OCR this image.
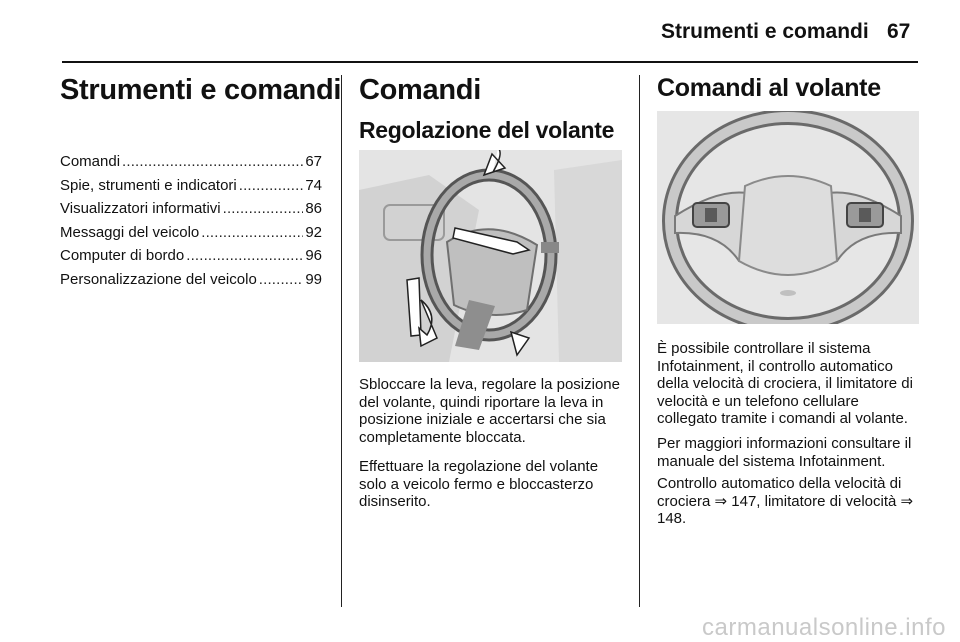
Strumenti e comandi 67
Strumenti e comandi
Comandi . . .	67
Spie, strumenti e indicatori . . .	74
Visualizzatori informativi . . .	86
Messaggi del veicolo . . .	92
Computer di bordo . . .	96
Personalizzazione del veicolo . . .	99
Comandi
Regolazione del volante

Sbloccare la leva, regolare la posizione del volante, quindi riportare la leva in posizione iniziale e accertarsi che sia completamente bloccata.

Effettuare la regolazione del volante solo a veicolo fermo e bloccasterzo disinserito.

Comandi al volante

È possibile controllare il sistema Infotainment, il controllo automatico della velocità di crociera, il limitatore di velocità e un telefono cellulare collegato tramite i comandi al volante.

Per maggiori informazioni consultare il manuale del sistema Infotainment.

Controllo automatico della velocità di crociera ⇒ 147, limitatore di velocità ⇒ 148.

carmanualsonline.info
